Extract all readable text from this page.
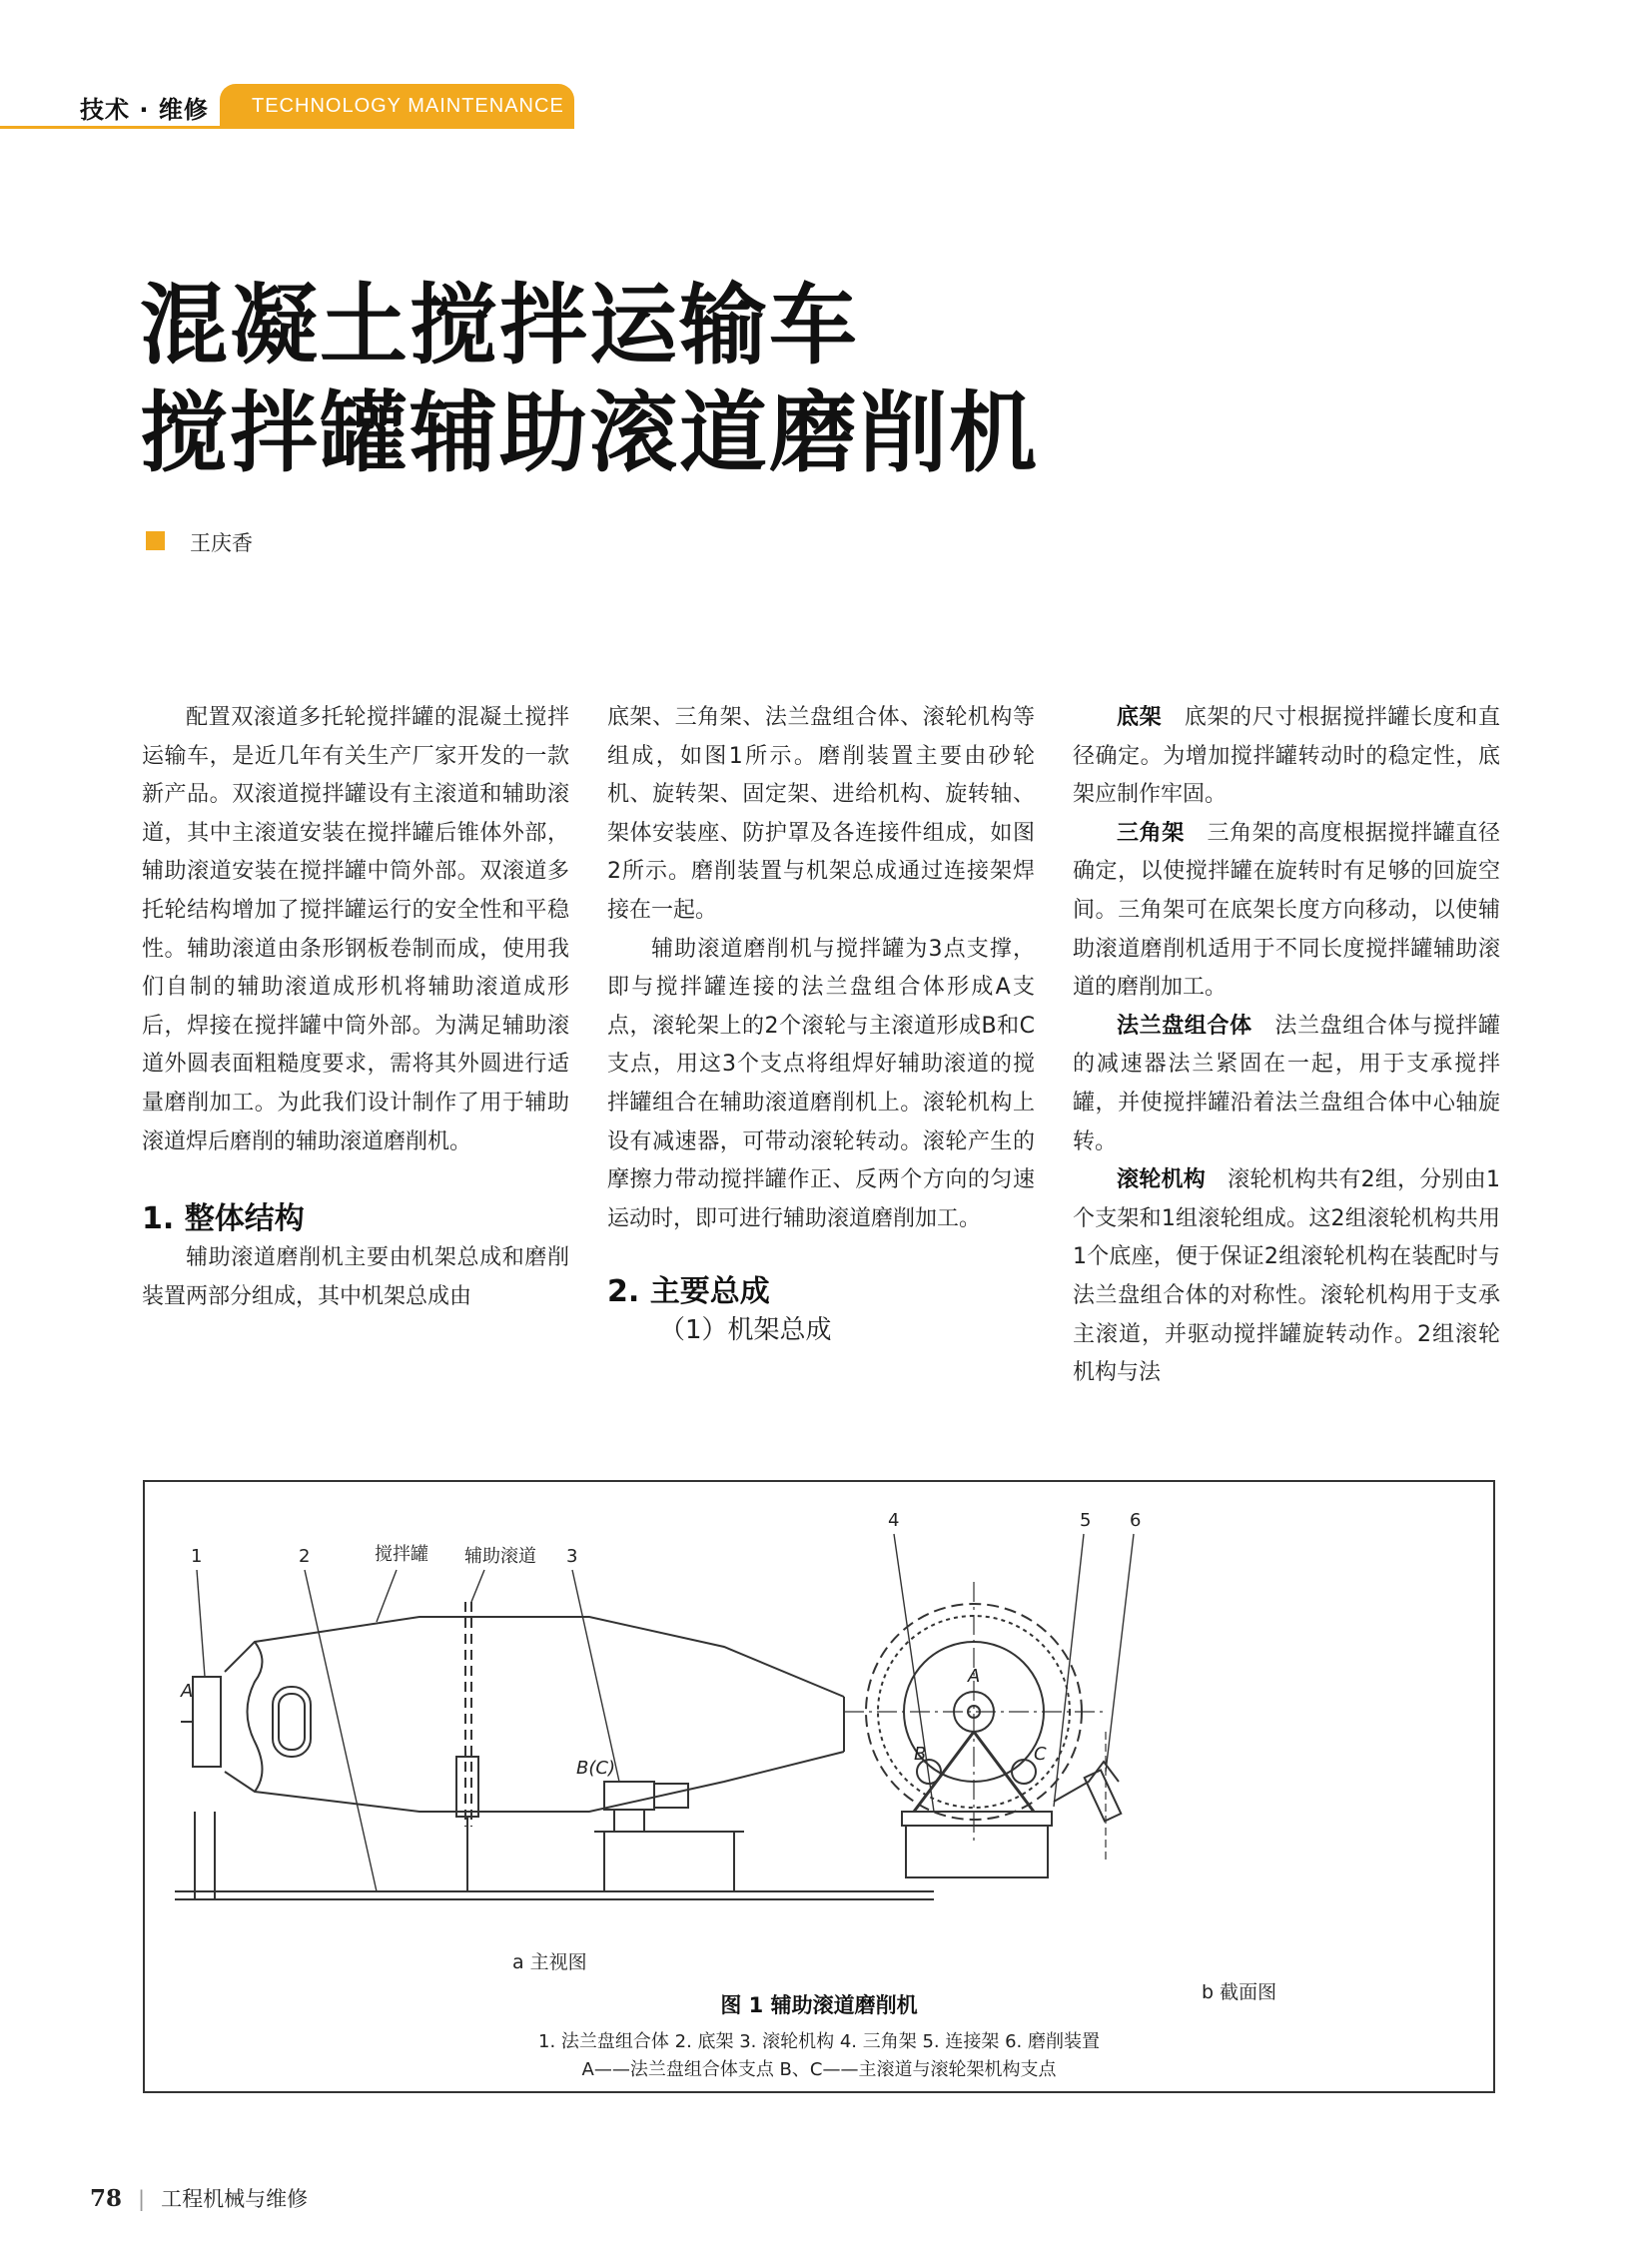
技术 · 维修	TECHNOLOGY MAINTENANCE
混凝土搅拌运输车
搅拌罐辅助滚道磨削机
王庆香

配置双滚道多托轮搅拌罐的混凝土搅拌运输车，是近几年有关生产厂家开发的一款新产品。双滚道搅拌罐设有主滚道和辅助滚道，其中主滚道安装在搅拌罐后锥体外部，辅助滚道安装在搅拌罐中筒外部。双滚道多托轮结构增加了搅拌罐运行的安全性和平稳性。辅助滚道由条形钢板卷制而成，使用我们自制的辅助滚道成形机将辅助滚道成形后，焊接在搅拌罐中筒外部。为满足辅助滚道外圆表面粗糙度要求，需将其外圆进行适量磨削加工。为此我们设计制作了用于辅助滚道焊后磨削的辅助滚道磨削机。

1. 整体结构

辅助滚道磨削机主要由机架总成和磨削装置两部分组成，其中机架总成由

底架、三角架、法兰盘组合体、滚轮机构等组成，如图1所示。磨削装置主要由砂轮机、旋转架、固定架、进给机构、旋转轴、架体安装座、防护罩及各连接件组成，如图2所示。磨削装置与机架总成通过连接架焊接在一起。

辅助滚道磨削机与搅拌罐为3点支撑，即与搅拌罐连接的法兰盘组合体形成A支点，滚轮架上的2个滚轮与主滚道形成B和C支点，用这3个支点将组焊好辅助滚道的搅拌罐组合在辅助滚道磨削机上。滚轮机构上设有减速器，可带动滚轮转动。滚轮产生的摩擦力带动搅拌罐作正、反两个方向的匀速运动时，即可进行辅助滚道磨削加工。

2. 主要总成
（1）机架总成

底架　 底架的尺寸根据搅拌罐长度和直径确定。为增加搅拌罐转动时的稳定性，底架应制作牢固。

三角架　 三角架的高度根据搅拌罐直径确定，以使搅拌罐在旋转时有足够的回旋空间。三角架可在底架长度方向移动，以使辅助滚道磨削机适用于不同长度搅拌罐辅助滚道的磨削加工。

法兰盘组合体　 法兰盘组合体与搅拌罐的减速器法兰紧固在一起，用于支承搅拌罐，并使搅拌罐沿着法兰盘组合体中心轴旋转。

滚轮机构　 滚轮机构共有2组，分别由1个支架和1组滚轮组成。这2组滚轮机构共用1个底座，便于保证2组滚轮机构在装配时与法兰盘组合体的对称性。滚轮机构用于支承主滚道，并驱动搅拌罐旋转动作。2组滚轮机构与法

1	2	搅拌罐 辅助滚道 3
A
B(C)
4	5 6
A
B	C
a 主视图
b 截面图
图 1 辅助滚道磨削机
1. 法兰盘组合体 2. 底架 3. 滚轮机构 4. 三角架 5. 连接架 6. 磨削装置
A——法兰盘组合体支点 B、C——主滚道与滚轮架机构支点
78 | 工程机械与维修
